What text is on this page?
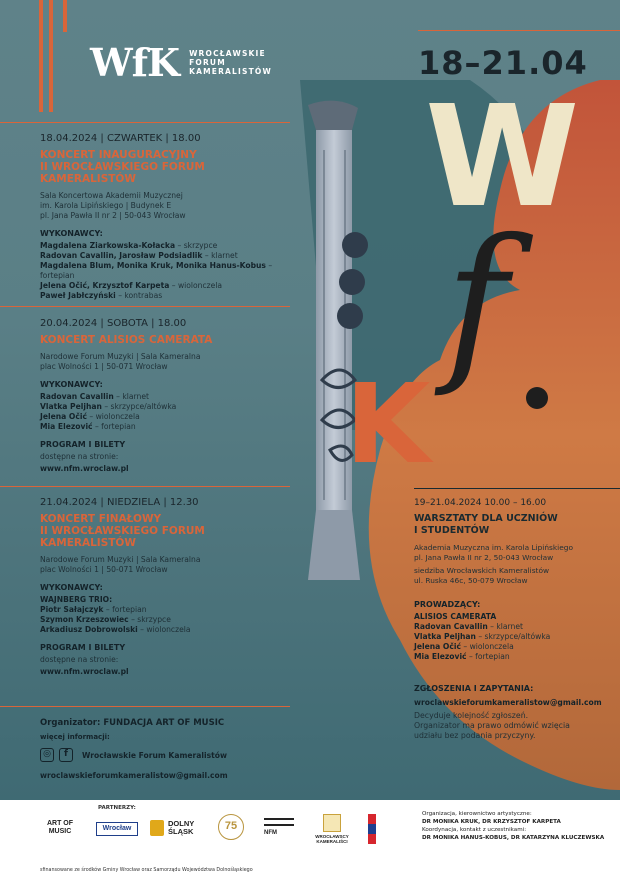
W
f
K
WfK WROCŁAWSKIE
FORUM
KAMERALISTÓW	18–21.04
18.04.2024 | CZWARTEK | 18.00
KONCERT INAUGURACYJNY
II WROCŁAWSKIEGO FORUM
KAMERALISTÓW
Sala Koncertowa Akademii Muzycznej
im. Karola Lipińskiego | Budynek E
pl. Jana Pawła II nr 2 | 50-043 Wrocław
WYKONAWCY:
Magdalena Ziarkowska-Kołacka – skrzypce
Radovan Cavallin, Jarosław Podsiadlik – klarnet
Magdalena Blum, Monika Kruk, Monika Hanus-Kobus – fortepian
Jelena Očić, Krzysztof Karpeta – wiolonczela
Paweł Jabłczyński – kontrabas
20.04.2024 | SOBOTA | 18.00
KONCERT ALISIOS CAMERATA
Narodowe Forum Muzyki | Sala Kameralna
plac Wolności 1 | 50-071 Wrocław
WYKONAWCY:
Radovan Cavallin – klarnet
Vlatka Peljhan – skrzypce/altówka
Jelena Očić – wiolonczela
Mia Elezović – fortepian
PROGRAM I BILETY
dostępne na stronie:
www.nfm.wroclaw.pl
21.04.2024 | NIEDZIELA | 12.30
KONCERT FINAŁOWY
II WROCŁAWSKIEGO FORUM
KAMERALISTÓW
Narodowe Forum Muzyki | Sala Kameralna
plac Wolności 1 | 50-071 Wrocław
WYKONAWCY:
WAJNBERG TRIO:
Piotr Sałajczyk – fortepian
Szymon Krzeszowiec – skrzypce
Arkadiusz Dobrowolski – wiolonczela
PROGRAM I BILETY
dostępne na stronie:
www.nfm.wroclaw.pl
19–21.04.2024 10.00 – 16.00
WARSZTATY DLA UCZNIÓW
I STUDENTÓW
Akademia Muzyczna im. Karola Lipińskiego
pl. Jana Pawła II nr 2, 50-043 Wrocław
siedziba Wrocławskich Kameralistów
ul. Ruska 46c, 50-079 Wrocław
PROWADZĄCY:
ALISIOS CAMERATA
Radovan Cavallin – klarnet
Vlatka Peljhan – skrzypce/altówka
Jelena Očić – wiolonczela
Mia Elezović – fortepian
ZGŁOSZENIA I ZAPYTANIA:
wroclawskieforumkameralistow@gmail.com
Decyduje kolejność zgłoszeń.
Organizator ma prawo odmówić wzięcia
udziału bez podania przyczyny.
Organizator: FUNDACJA ART OF MUSIC
więcej informacji:
◎	f	Wrocławskie Forum Kameralistów
wroclawskieforumkameralistow@gmail.com
PARTNERZY:
ART OF MUSIC	Wrocław
DOLNY ŚLĄSK	75
NFM
WROCŁAWSCY KAMERALIŚCI
sfinansowane ze środków Gminy Wrocław oraz Samorządu Województwa Dolnośląskiego
Organizacja, kierownictwo artystyczne:
DR MONIKA KRUK, DR KRZYSZTOF KARPETA
Koordynacja, kontakt z uczestnikami:
DR MONIKA HANUS-KOBUS, DR KATARZYNA KLUCZEWSKA
